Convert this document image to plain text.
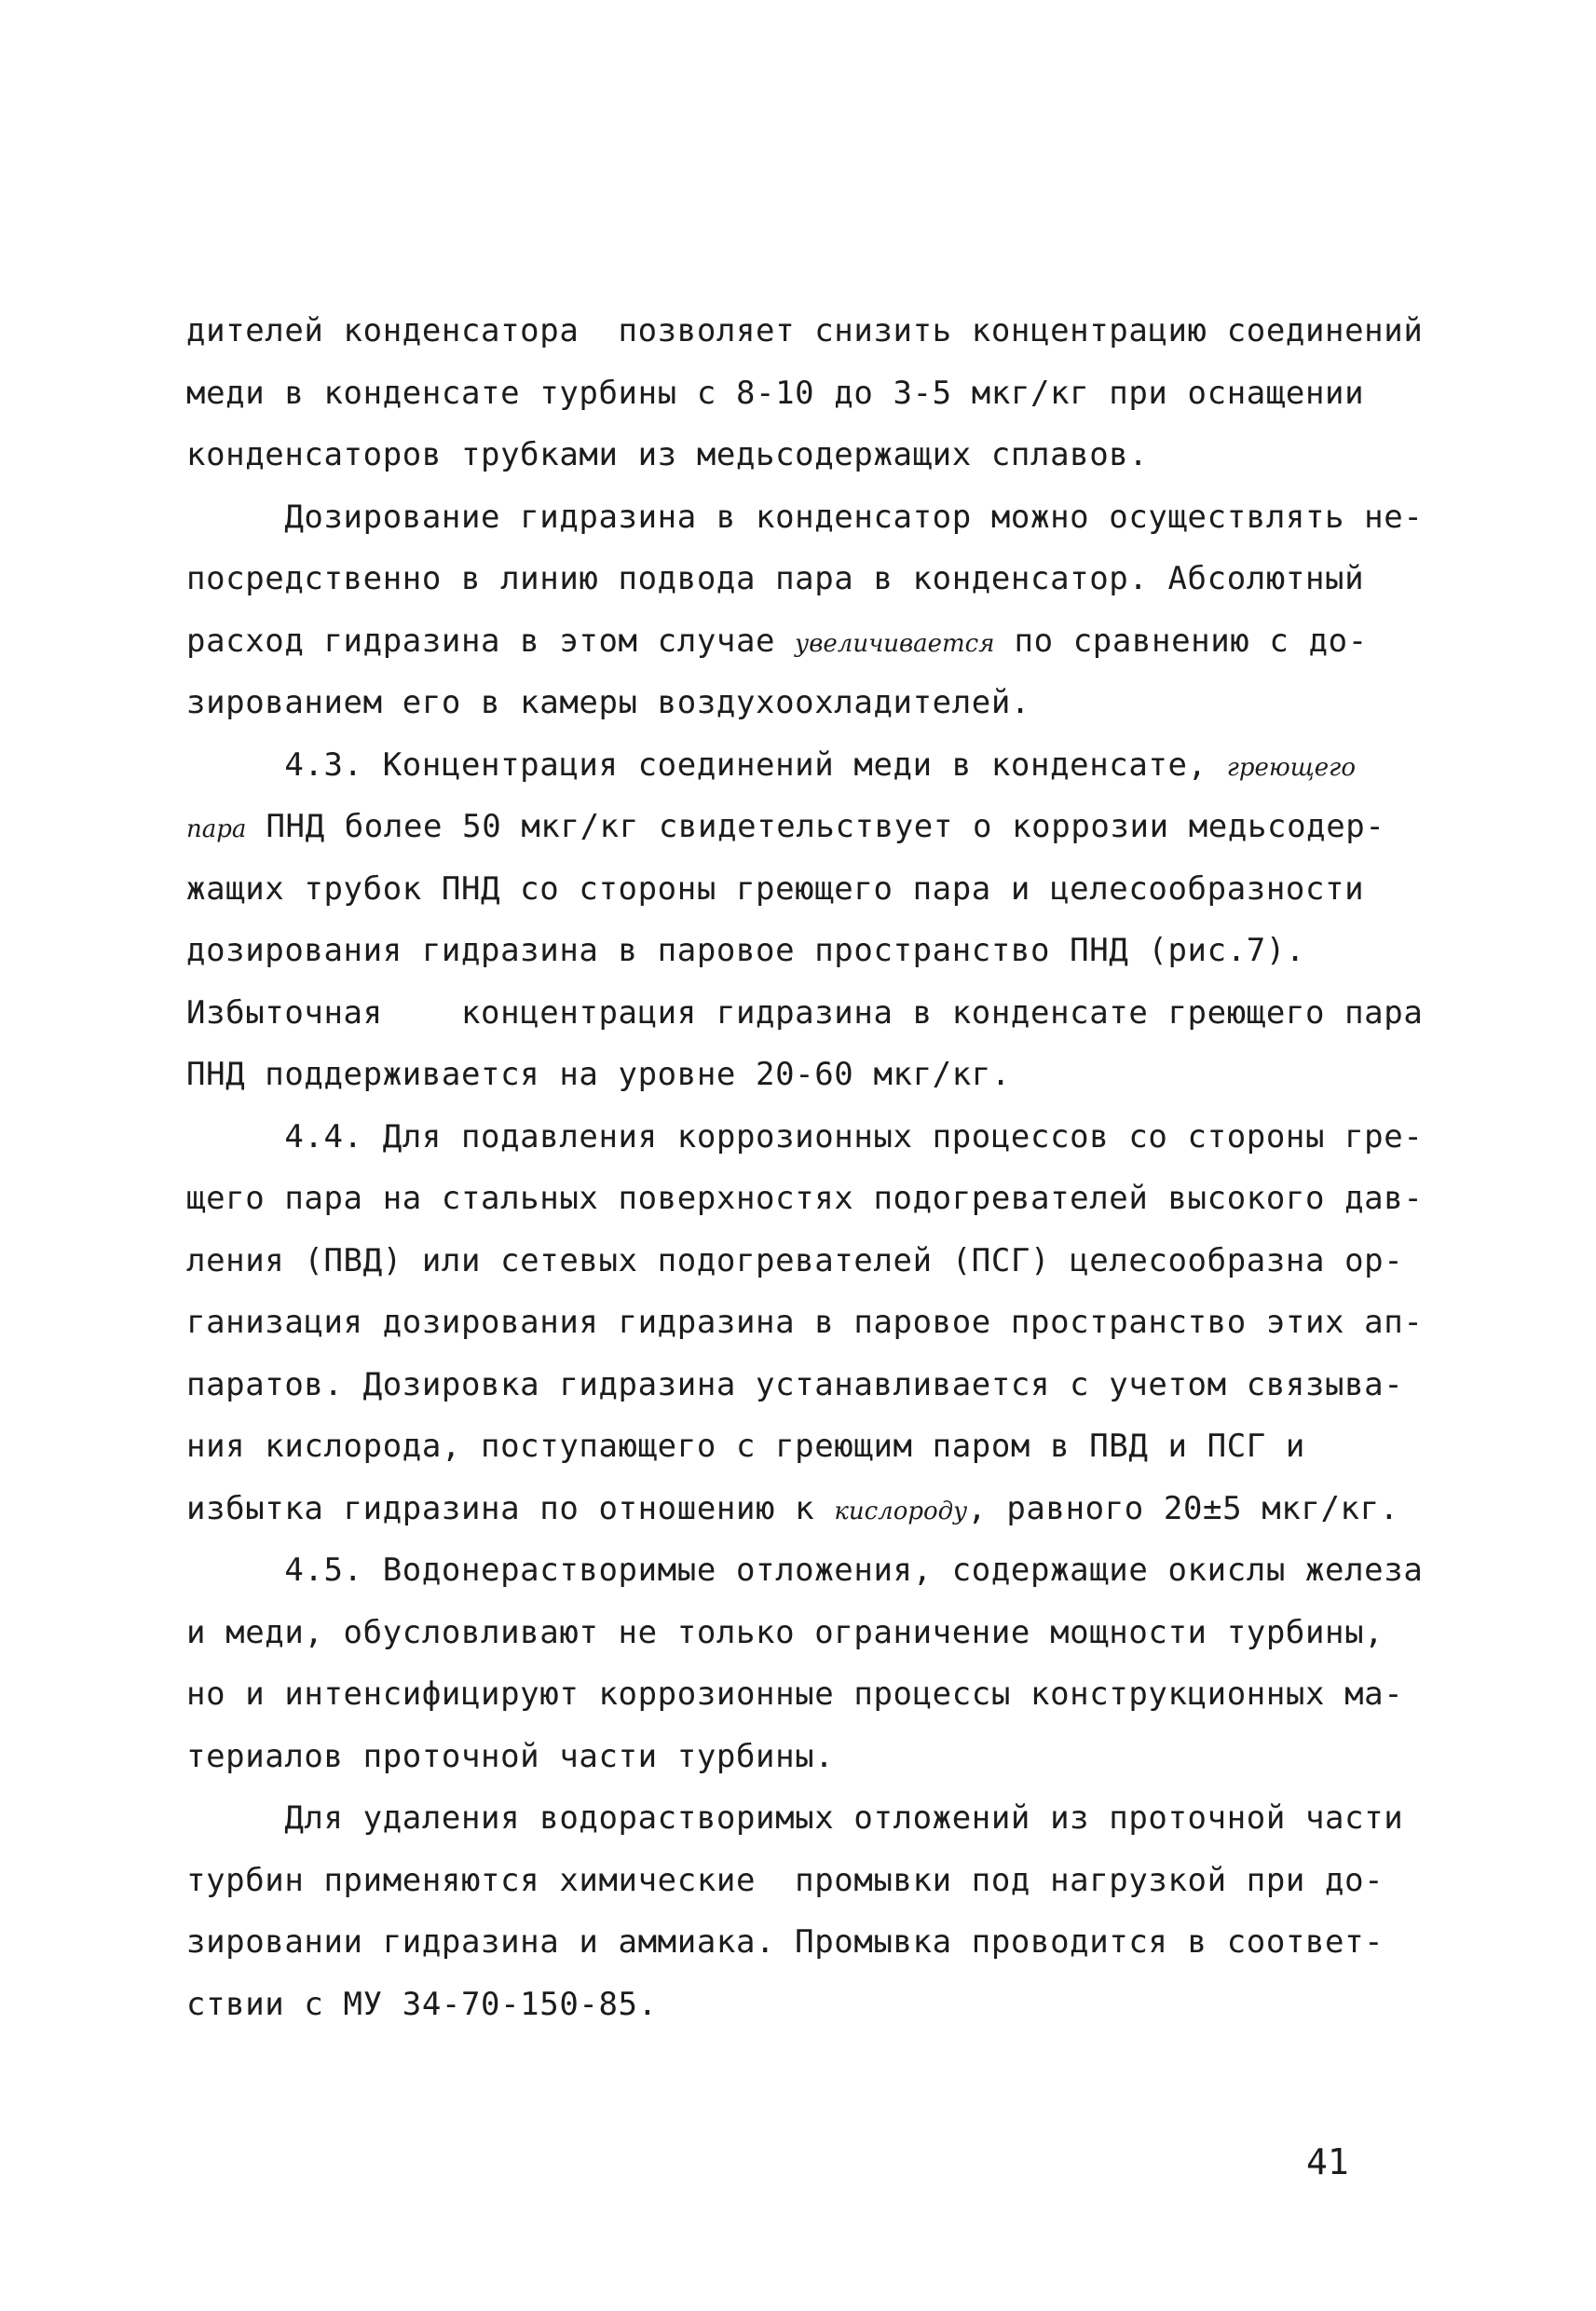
дителей конденсатора  позволяет снизить концентрацию соединений
меди в конденсате турбины с 8-10 до 3-5 мкг/кг при оснащении
конденсаторов трубками из медьсодержащих сплавов.
Дозирование гидразина в конденсатор можно осуществлять не-
посредственно в линию подвода пара в конденсатор. Абсолютный
расход гидразина в этом случае увеличивается по сравнению с до-
зированием его в камеры воздухоохладителей.
4.3. Концентрация соединений меди в конденсате, греющего
пара ПНД более 50 мкг/кг свидетельствует о коррозии медьсодер-
жащих трубок ПНД со стороны греющего пара и целесообразности
дозирования гидразина в паровое пространство ПНД (рис.7).
Избыточная    концентрация гидразина в конденсате греющего пара
ПНД поддерживается на уровне 20-60 мкг/кг.
4.4. Для подавления коррозионных процессов со стороны гре-
щего пара на стальных поверхностях подогревателей высокого дав-
ления (ПВД) или сетевых подогревателей (ПСГ) целесообразна ор-
ганизация дозирования гидразина в паровое пространство этих ап-
паратов. Дозировка гидразина устанавливается с учетом связыва-
ния кислорода, поступающего с греющим паром в ПВД и ПСГ и
избытка гидразина по отношению к кислороду, равного 20±5 мкг/кг.
4.5. Водонерастворимые отложения, содержащие окислы железа
и меди, обусловливают не только ограничение мощности турбины,
но и интенсифицируют коррозионные процессы конструкционных ма-
териалов проточной части турбины.
Для удаления водорастворимых отложений из проточной части
турбин применяются химические  промывки под нагрузкой при до-
зировании гидразина и аммиака. Промывка проводится в соответ-
ствии с МУ 34-70-150-85.
41
